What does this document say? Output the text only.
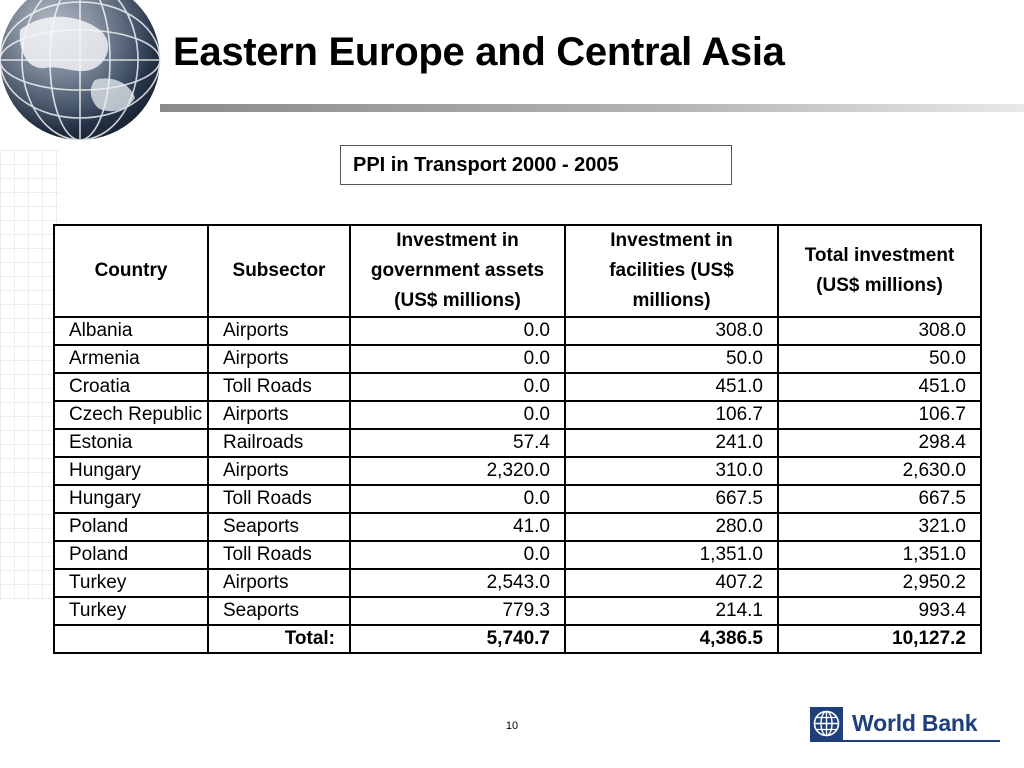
Eastern Europe and Central Asia
PPI in Transport 2000 - 2005
Country	Subsector	Investment in government assets (US$ millions)	Investment in facilities (US$ millions)	Total investment (US$ millions)
Albania	Airports	0.0	308.0	308.0
Armenia	Airports	0.0	50.0	50.0
Croatia	Toll Roads	0.0	451.0	451.0
Czech Republic	Airports	0.0	106.7	106.7
Estonia	Railroads	57.4	241.0	298.4
Hungary	Airports	2,320.0	310.0	2,630.0
Hungary	Toll Roads	0.0	667.5	667.5
Poland	Seaports	41.0	280.0	321.0
Poland	Toll Roads	0.0	1,351.0	1,351.0
Turkey	Airports	2,543.0	407.2	2,950.2
Turkey	Seaports	779.3	214.1	993.4
	Total:	5,740.7	4,386.5	10,127.2
10	World Bank
